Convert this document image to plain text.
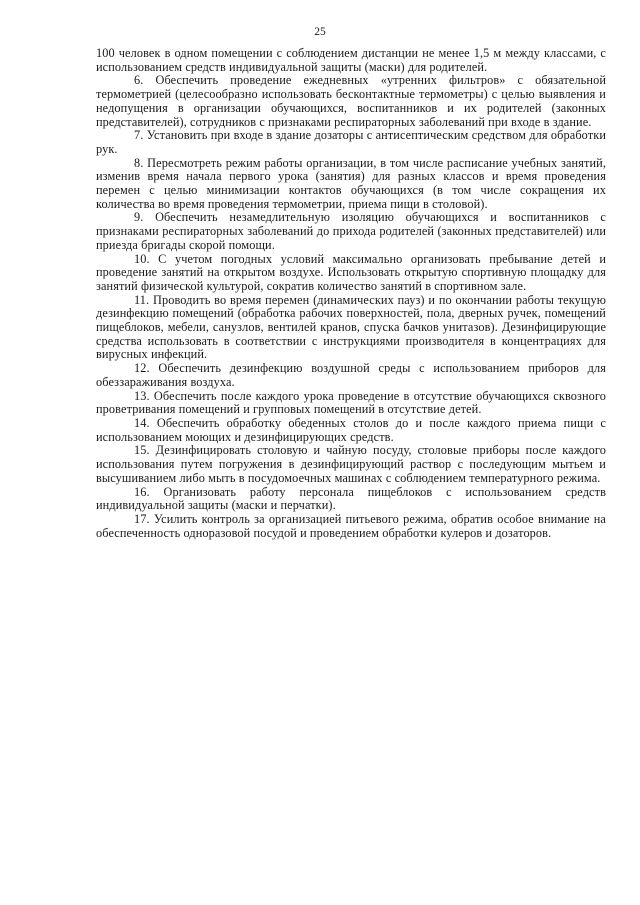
25

100 человек в одном помещении с соблюдением дистанции не менее 1,5 м между классами, с использованием средств индивидуальной защиты (маски) для родителей.

6. Обеспечить проведение ежедневных «утренних фильтров» с обязательной термометрией (целесообразно использовать бесконтактные термометры) с целью выявления и недопущения в организации обучающихся, воспитанников и их родителей (законных представителей), сотрудников с признаками респираторных заболеваний при входе в здание.

7. Установить при входе в здание дозаторы с антисептическим средством для обработки рук.

8. Пересмотреть режим работы организации, в том числе расписание учебных занятий, изменив время начала первого урока (занятия) для разных классов и время проведения перемен с целью минимизации контактов обучающихся (в том числе сокращения их количества во время проведения термометрии, приема пищи в столовой).

9. Обеспечить незамедлительную изоляцию обучающихся и воспитанников с признаками респираторных заболеваний до прихода родителей (законных представителей) или приезда бригады скорой помощи.

10. С учетом погодных условий максимально организовать пребывание детей и проведение занятий на открытом воздухе. Использовать открытую спортивную площадку для занятий физической культурой, сократив количество занятий в спортивном зале.

11. Проводить во время перемен (динамических пауз) и по окончании работы текущую дезинфекцию помещений (обработка рабочих поверхностей, пола, дверных ручек, помещений пищеблоков, мебели, санузлов, вентилей кранов, спуска бачков унитазов). Дезинфицирующие средства использовать в соответствии с инструкциями производителя в концентрациях для вирусных инфекций.

12. Обеспечить дезинфекцию воздушной среды с использованием приборов для обеззараживания воздуха.

13. Обеспечить после каждого урока проведение в отсутствие обучающихся сквозного проветривания помещений и групповых помещений в отсутствие детей.

14. Обеспечить обработку обеденных столов до и после каждого приема пищи с использованием моющих и дезинфицирующих средств.

15. Дезинфицировать столовую и чайную посуду, столовые приборы после каждого использования путем погружения в дезинфицирующий раствор с последующим мытьем и высушиванием либо мыть в посудомоечных машинах с соблюдением температурного режима.

16. Организовать работу персонала пищеблоков с использованием средств индивидуальной защиты (маски и перчатки).

17. Усилить контроль за организацией питьевого режима, обратив особое внимание на обеспеченность одноразовой посудой и проведением обработки кулеров и дозаторов.
